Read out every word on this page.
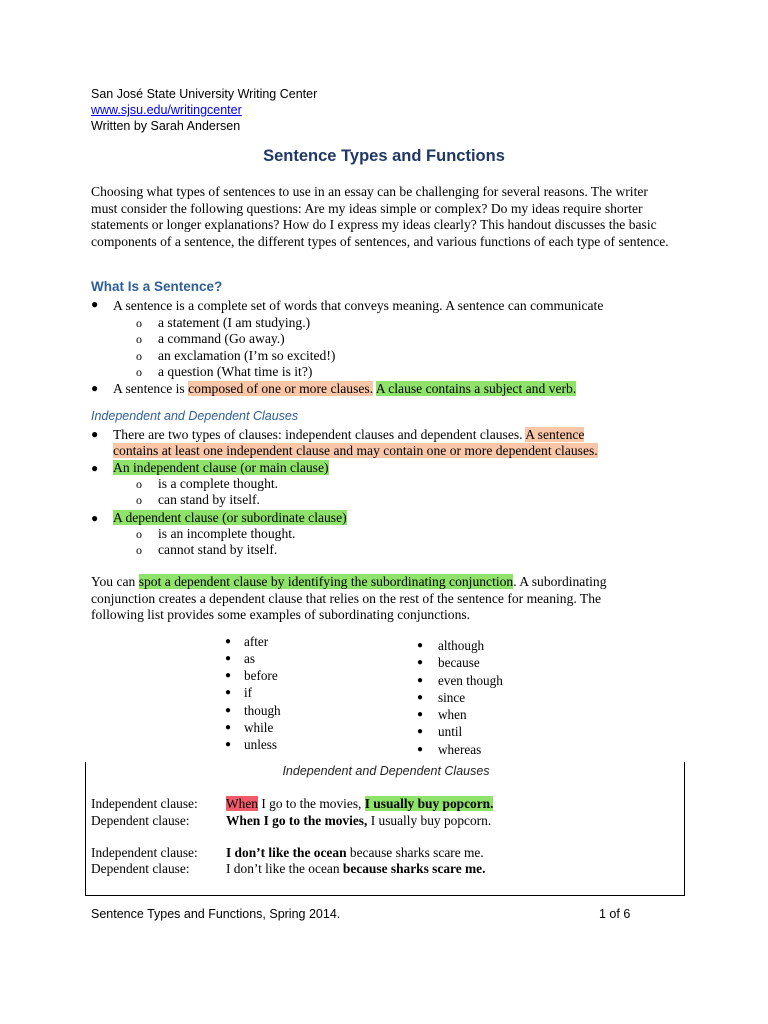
San José State University Writing Center
www.sjsu.edu/writingcenter
Written by Sarah Andersen
Sentence Types and Functions
Choosing what types of sentences to use in an essay can be challenging for several reasons. The writer must consider the following questions: Are my ideas simple or complex? Do my ideas require shorter statements or longer explanations? How do I express my ideas clearly? This handout discusses the basic components of a sentence, the different types of sentences, and various functions of each type of sentence.
What Is a Sentence?
● A sentence is a complete set of words that conveys meaning. A sentence can communicate
o a statement (I am studying.)
o a command (Go away.)
o an exclamation (I’m so excited!)
o a question (What time is it?)
● A sentence is composed of one or more clauses. A clause contains a subject and verb.
Independent and Dependent Clauses
● There are two types of clauses: independent clauses and dependent clauses. A sentence
contains at least one independent clause and may contain one or more dependent clauses.
● An independent clause (or main clause)
o is a complete thought.
o can stand by itself.
● A dependent clause (or subordinate clause)
o is an incomplete thought.
o cannot stand by itself.
You can spot a dependent clause by identifying the subordinating conjunction. A subordinating
conjunction creates a dependent clause that relies on the rest of the sentence for meaning. The
following list provides some examples of subordinating conjunctions.
● after
● as
● before
● if
● though
● while
● unless
● although
● because
● even though
● since
● when
● until
● whereas
Independent and Dependent Clauses
Independent clause: When I go to the movies, I usually buy popcorn.
Dependent clause:	When I go to the movies, I usually buy popcorn.
Independent clause: I don’t like the ocean because sharks scare me.
Dependent clause:	I don’t like the ocean because sharks scare me.
Sentence Types and Functions, Spring 2014.	1 of 6
